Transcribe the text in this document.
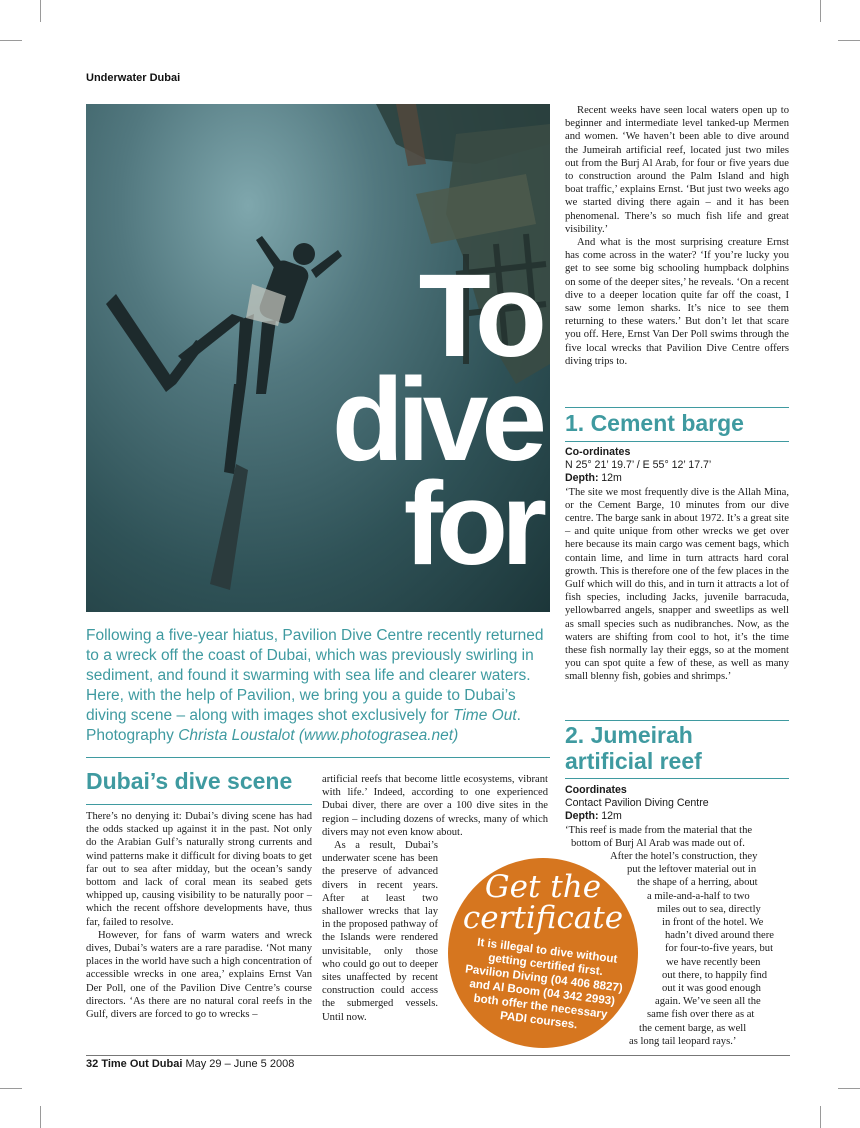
Underwater Dubai
To
dive
for
Following a five-year hiatus, Pavilion Dive Centre recently returned to a wreck off the coast of Dubai, which was previously swirling in sediment, and found it swarming with sea life and clearer waters. Here, with the help of Pavilion, we bring you a guide to Dubai’s diving scene – along with images shot exclusively for Time Out. Photography Christa Loustalot (www.photograsea.net)
Dubai’s dive scene

There’s no denying it: Dubai’s diving scene has had the odds stacked up against it in the past. Not only do the Arabian Gulf’s naturally strong currents and wind patterns make it difficult for diving boats to get far out to sea after midday, but the ocean’s sandy bottom and lack of coral mean its seabed gets whipped up, causing visibility to be naturally poor – which the recent offshore developments have, thus far, failed to resolve.

However, for fans of warm waters and wreck dives, Dubai’s waters are a rare paradise. ‘Not many places in the world have such a high concentration of accessible wrecks in one area,’ explains Ernst Van Der Poll, one of the Pavilion Dive Centre’s course directors. ‘As there are no natural coral reefs in the Gulf, divers are forced to go to wrecks –

artificial reefs that become little ecosystems, vibrant with life.’ Indeed, according to one experienced Dubai diver, there are over a 100 dive sites in the region – including dozens of wrecks, many of which divers may not even know about.

As a result, Dubai’s underwater scene has been the preserve of advanced divers in recent years. After at least two shallower wrecks that lay in the proposed pathway of the Islands were rendered unvisitable, only those who could go out to deeper sites unaffected by recent construction could access the submerged vessels. Until now.

Recent weeks have seen local waters open up to beginner and intermediate level tanked-up Mermen and women. ‘We haven’t been able to dive around the Jumeirah artificial reef, located just two miles out from the Burj Al Arab, for four or five years due to construction around the Palm Island and high boat traffic,’ explains Ernst. ‘But just two weeks ago we started diving there again – and it has been phenomenal. There’s so much fish life and great visibility.’

And what is the most surprising creature Ernst has come across in the water? ‘If you’re lucky you get to see some big schooling humpback dolphins on some of the deeper sites,’ he reveals. ‘On a recent dive to a deeper location quite far off the coast, I saw some lemon sharks. It’s nice to see them returning to these waters.’ But don’t let that scare you off. Here, Ernst Van Der Poll swims through the five local wrecks that Pavilion Dive Centre offers diving trips to.

1. Cement barge
Co-ordinates
N 25° 21’ 19.7’ / E 55° 12’ 17.7’
Depth: 12m

‘The site we most frequently dive is the Allah Mina, or the Cement Barge, 10 minutes from our dive centre. The barge sank in about 1972. It’s a great site – and quite unique from other wrecks we get over here because its main cargo was cement bags, which contain lime, and lime in turn attracts hard coral growth. This is therefore one of the few places in the Gulf which will do this, and in turn it attracts a lot of fish species, including Jacks, juvenile barracuda, yellowbarred angels, snapper and sweetlips as well as small species such as nudibranches. Now, as the waters are shifting from cool to hot, it’s the time these fish normally lay their eggs, so at the moment you can spot quite a few of these, as well as many small blenny fish, gobies and shrimps.’

2. Jumeirah
artificial reef
Coordinates
Contact Pavilion Diving Centre
Depth: 12m
‘This reef is made from the material that the
bottom of Burj Al Arab was made out of.
After the hotel’s construction, they
put the leftover material out in
the shape of a herring, about
a mile-and-a-half to two
miles out to sea, directly
in front of the hotel. We
hadn’t dived around there
for four-to-five years, but
we have recently been
out there, to happily find
out it was good enough
again. We’ve seen all the
same fish over there as at
the cement barge, as well
as long tail leopard rays.’
Get the
certificate
It is illegal to dive without getting certified first. Pavilion Diving (04 406 8827) and Al Boom (04 342 2993) both offer the necessary PADI courses.
32 Time Out Dubai May 29 – June 5 2008
